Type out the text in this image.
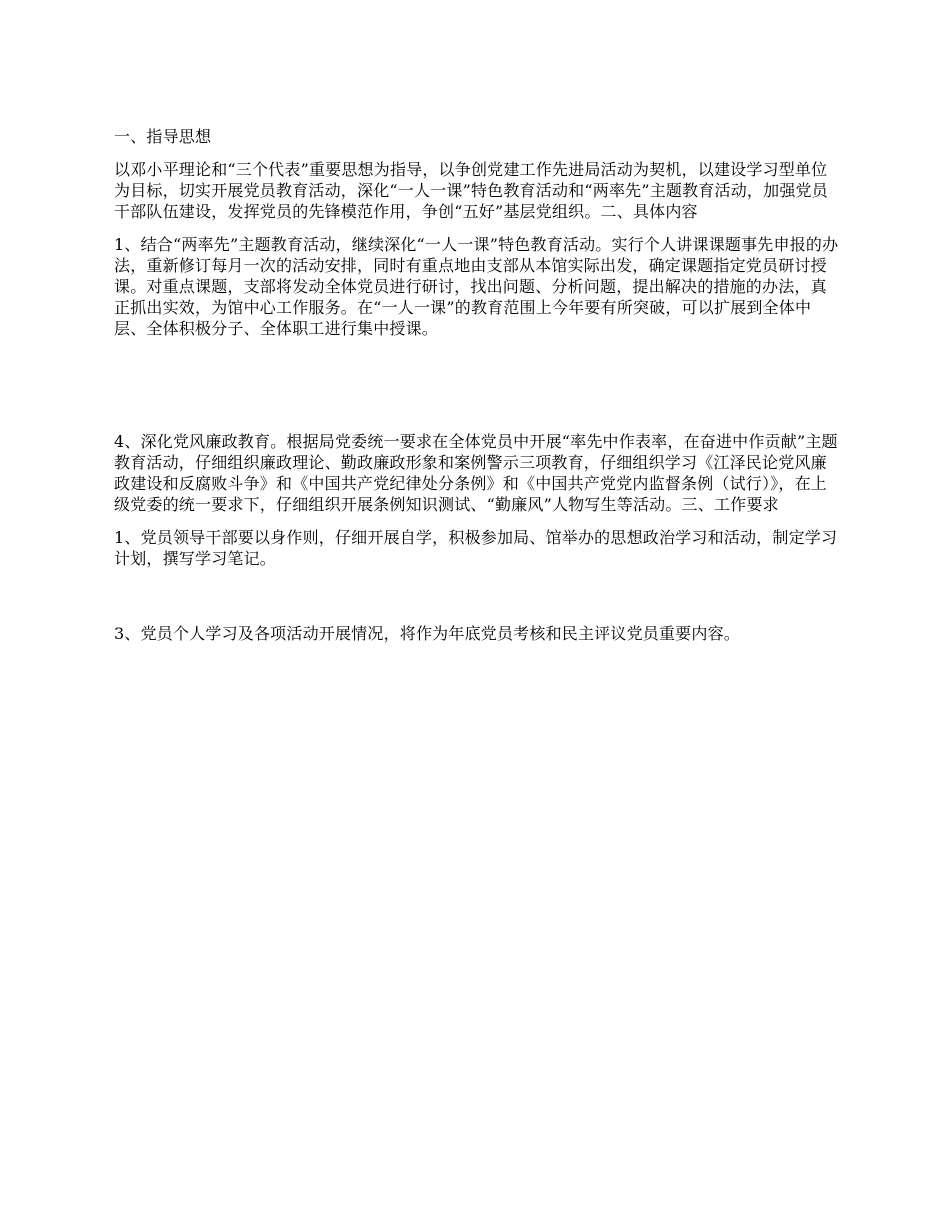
一、指导思想

以邓小平理论和“三个代表”重要思想为指导，以争创党建工作先进局活动为契机，以建设学习型单位为目标，切实开展党员教育活动，深化“一人一课”特色教育活动和“两率先”主题教育活动，加强党员干部队伍建设，发挥党员的先锋模范作用，争创“五好”基层党组织。二、具体内容

1、结合“两率先”主题教育活动，继续深化“一人一课”特色教育活动。实行个人讲课课题事先申报的办法，重新修订每月一次的活动安排，同时有重点地由支部从本馆实际出发，确定课题指定党员研讨授课。对重点课题，支部将发动全体党员进行研讨，找出问题、分析问题，提出解决的措施的办法，真正抓出实效，为馆中心工作服务。在“一人一课”的教育范围上今年要有所突破，可以扩展到全体中层、全体积极分子、全体职工进行集中授课。

4、深化党风廉政教育。根据局党委统一要求在全体党员中开展“率先中作表率，在奋进中作贡献”主题教育活动，仔细组织廉政理论、勤政廉政形象和案例警示三项教育，仔细组织学习《江泽民论党风廉政建设和反腐败斗争》和《中国共产党纪律处分条例》和《中国共产党党内监督条例（试行）》，在上级党委的统一要求下，仔细组织开展条例知识测试、“勤廉风”人物写生等活动。三、工作要求

1、党员领导干部要以身作则，仔细开展自学，积极参加局、馆举办的思想政治学习和活动，制定学习计划，撰写学习笔记。

3、党员个人学习及各项活动开展情况，将作为年底党员考核和民主评议党员重要内容。
